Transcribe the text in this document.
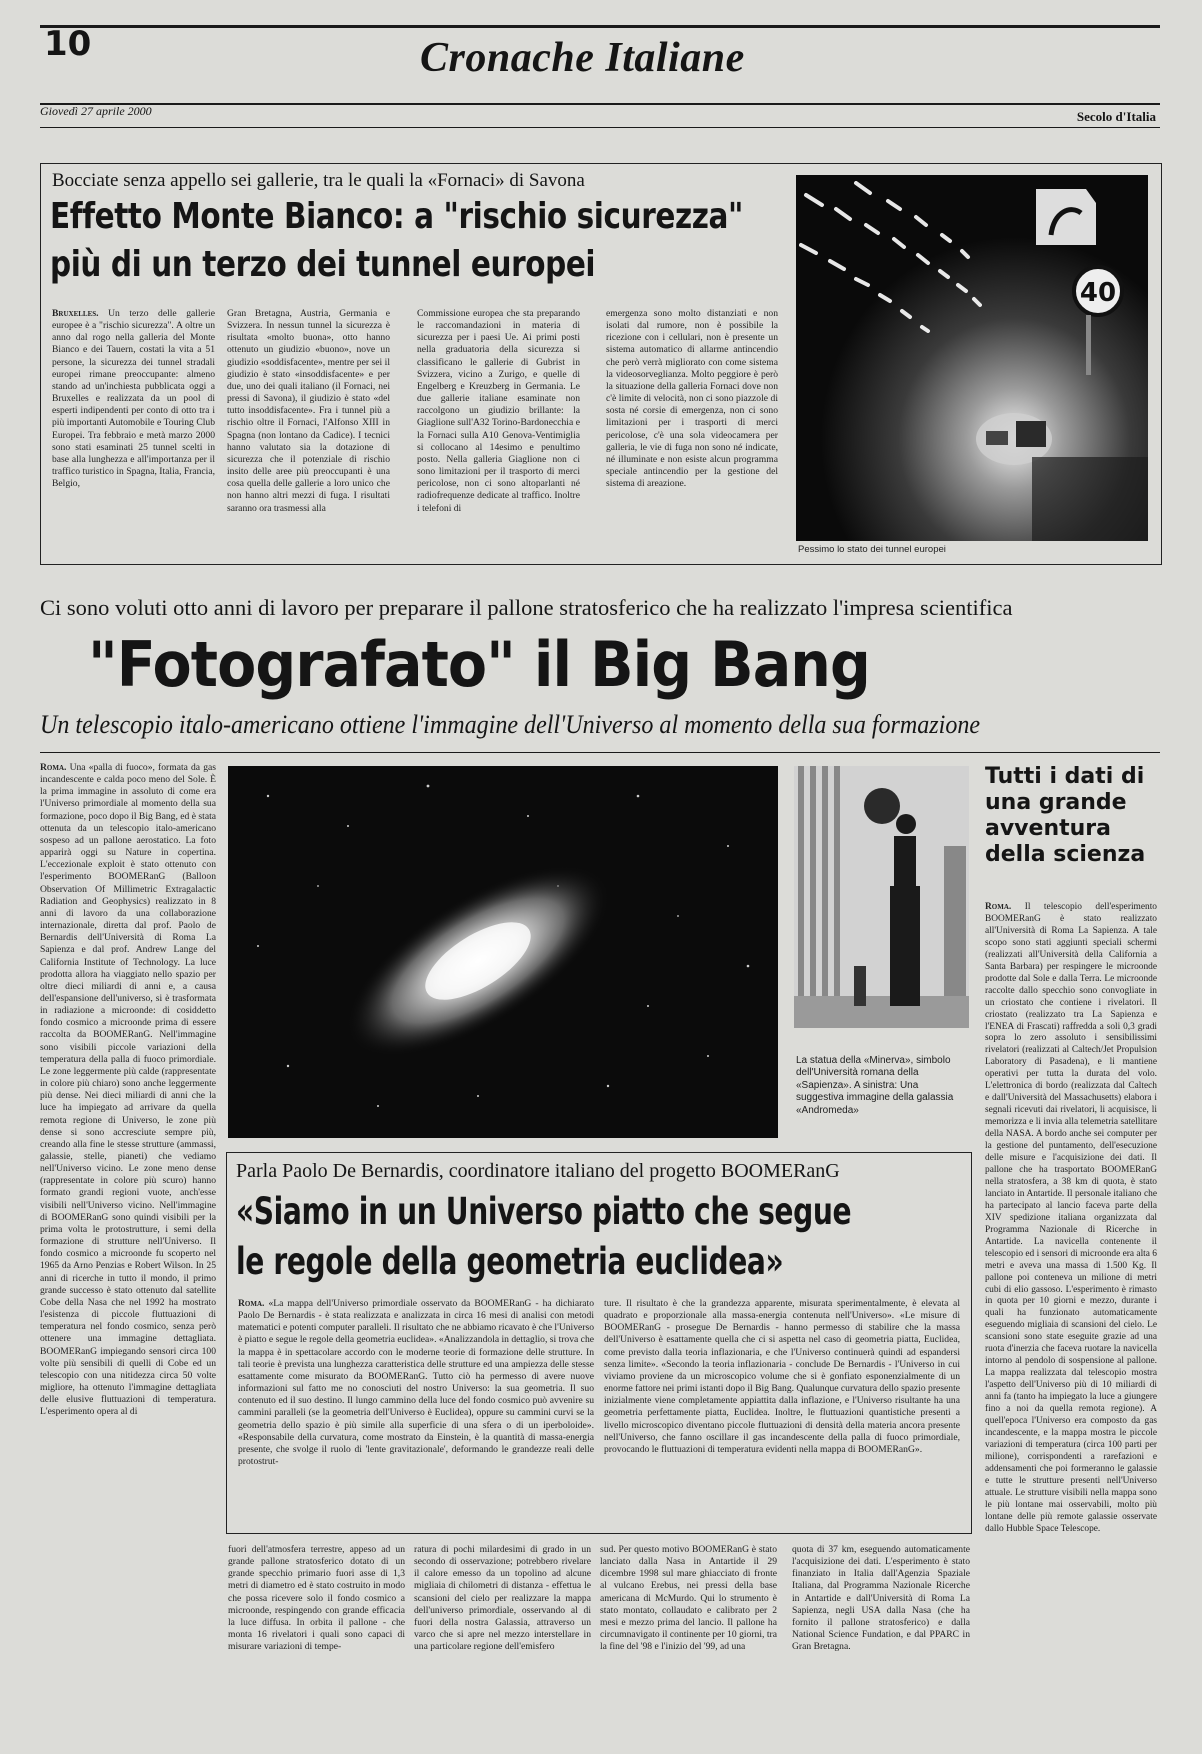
10	Cronache Italiane
Giovedì 27 aprile 2000	Secolo d'Italia
Bocciate senza appello sei gallerie, tra le quali la «Fornaci» di Savona
Effetto Monte Bianco: a "rischio sicurezza"
più di un terzo dei tunnel europei
Bruxelles. Un terzo delle gallerie europee è a "rischio sicurezza". A oltre un anno dal rogo nella galleria del Monte Bianco e dei Tauern, costati la vita a 51 persone, la sicurezza dei tunnel stradali europei rimane preoccupante: almeno stando ad un'inchiesta pubblicata oggi a Bruxelles e realizzata da un pool di esperti indipendenti per conto di otto tra i più importanti Automobile e Touring Club Europei. Tra febbraio e metà marzo 2000 sono stati esaminati 25 tunnel scelti in base alla lunghezza e all'importanza per il traffico turistico in Spagna, Italia, Francia, Belgio,
Gran Bretagna, Austria, Germania e Svizzera. In nessun tunnel la sicurezza è risultata «molto buona», otto hanno ottenuto un giudizio «buono», nove un giudizio «soddisfacente», mentre per sei il giudizio è stato «insoddisfacente» e per due, uno dei quali italiano (il Fornaci, nei pressi di Savona), il giudizio è stato «del tutto insoddisfacente». Fra i tunnel più a rischio oltre il Fornaci, l'Alfonso XIII in Spagna (non lontano da Cadice). I tecnici hanno valutato sia la dotazione di sicurezza che il potenziale di rischio insito delle aree più preoccupanti è una cosa quella delle gallerie a loro unico che non hanno altri mezzi di fuga. I risultati saranno ora trasmessi alla
Commissione europea che sta preparando le raccomandazioni in materia di sicurezza per i paesi Ue. Ai primi posti nella graduatoria della sicurezza si classificano le gallerie di Gubrist in Svizzera, vicino a Zurigo, e quelle di Engelberg e Kreuzberg in Germania. Le due gallerie italiane esaminate non raccolgono un giudizio brillante: la Giaglione sull'A32 Torino-Bardonecchia e la Fornaci sulla A10 Genova-Ventimiglia si collocano al 14esimo e penultimo posto. Nella galleria Giaglione non ci sono limitazioni per il trasporto di merci pericolose, non ci sono altoparlanti né radiofrequenze dedicate al traffico. Inoltre i telefoni di
emergenza sono molto distanziati e non isolati dal rumore, non è possibile la ricezione con i cellulari, non è presente un sistema automatico di allarme antincendio che però verrà migliorato con come sistema la videosorveglianza. Molto peggiore è però la situazione della galleria Fornaci dove non c'è limite di velocità, non ci sono piazzole di sosta né corsie di emergenza, non ci sono limitazioni per i trasporti di merci pericolose, c'è una sola videocamera per galleria, le vie di fuga non sono né indicate, né illuminate e non esiste alcun programma speciale antincendio per la gestione del sistema di areazione.
40
Pessimo lo stato dei tunnel europei
Ci sono voluti otto anni di lavoro per preparare il pallone stratosferico che ha realizzato l'impresa scientifica
"Fotografato" il Big Bang
Un telescopio italo-americano ottiene l'immagine dell'Universo al momento della sua formazione
Roma. Una «palla di fuoco», formata da gas incandescente e calda poco meno del Sole. È la prima immagine in assoluto di come era l'Universo primordiale al momento della sua formazione, poco dopo il Big Bang, ed è stata ottenuta da un telescopio italo-americano sospeso ad un pallone aerostatico. La foto apparirà oggi su Nature in copertina. L'eccezionale exploit è stato ottenuto con l'esperimento BOOMERanG (Balloon Observation Of Millimetric Extragalactic Radiation and Geophysics) realizzato in 8 anni di lavoro da una collaborazione internazionale, diretta dal prof. Paolo de Bernardis dell'Università di Roma La Sapienza e dal prof. Andrew Lange del California Institute of Technology. La luce prodotta allora ha viaggiato nello spazio per oltre dieci miliardi di anni e, a causa dell'espansione dell'universo, si è trasformata in radiazione a microonde: di cosiddetto fondo cosmico a microonde prima di essere raccolta da BOOMERanG. Nell'immagine sono visibili piccole variazioni della temperatura della palla di fuoco primordiale. Le zone leggermente più calde (rappresentate in colore più chiaro) sono anche leggermente più dense. Nei dieci miliardi di anni che la luce ha impiegato ad arrivare da quella remota regione di Universo, le zone più dense si sono accresciute sempre più, creando alla fine le stesse strutture (ammassi, galassie, stelle, pianeti) che vediamo nell'Universo vicino. Le zone meno dense (rappresentate in colore più scuro) hanno formato grandi regioni vuote, anch'esse visibili nell'Universo vicino. Nell'immagine di BOOMERanG sono quindi visibili per la prima volta le protostrutture, i semi della formazione di strutture nell'Universo. Il fondo cosmico a microonde fu scoperto nel 1965 da Arno Penzias e Robert Wilson. In 25 anni di ricerche in tutto il mondo, il primo grande successo è stato ottenuto dal satellite Cobe della Nasa che nel 1992 ha mostrato l'esistenza di piccole fluttuazioni di temperatura nel fondo cosmico, senza però ottenere una immagine dettagliata. BOOMERanG impiegando sensori circa 100 volte più sensibili di quelli di Cobe ed un telescopio con una nitidezza circa 50 volte migliore, ha ottenuto l'immagine dettagliata delle elusive fluttuazioni di temperatura. L'esperimento opera al di
La statua della «Minerva», simbolo dell'Università romana della «Sapienza». A sinistra: Una suggestiva immagine della galassia «Andromeda»
Tutti i dati di una grande avventura della scienza
Roma. Il telescopio dell'esperimento BOOMERanG è stato realizzato all'Università di Roma La Sapienza. A tale scopo sono stati aggiunti speciali schermi (realizzati all'Università della California a Santa Barbara) per respingere le microonde prodotte dal Sole e dalla Terra. Le microonde raccolte dallo specchio sono convogliate in un criostato che contiene i rivelatori. Il criostato (realizzato tra La Sapienza e l'ENEA di Frascati) raffredda a soli 0,3 gradi sopra lo zero assoluto i sensibilissimi rivelatori (realizzati al Caltech/Jet Propulsion Laboratory di Pasadena), e li mantiene operativi per tutta la durata del volo. L'elettronica di bordo (realizzata dal Caltech e dall'Università del Massachusetts) elabora i segnali ricevuti dai rivelatori, li acquisisce, li memorizza e li invia alla telemetria satellitare della NASA. A bordo anche sei computer per la gestione del puntamento, dell'esecuzione delle misure e l'acquisizione dei dati. Il pallone che ha trasportato BOOMERanG nella stratosfera, a 38 km di quota, è stato lanciato in Antartide. Il personale italiano che ha partecipato al lancio faceva parte della XIV spedizione italiana organizzata dal Programma Nazionale di Ricerche in Antartide. La navicella contenente il telescopio ed i sensori di microonde era alta 6 metri e aveva una massa di 1.500 Kg. Il pallone poi conteneva un milione di metri cubi di elio gassoso. L'esperimento è rimasto in quota per 10 giorni e mezzo, durante i quali ha funzionato automaticamente eseguendo migliaia di scansioni del cielo. Le scansioni sono state eseguite grazie ad una ruota d'inerzia che faceva ruotare la navicella intorno al pendolo di sospensione al pallone. La mappa realizzata dal telescopio mostra l'aspetto dell'Universo più di 10 miliardi di anni fa (tanto ha impiegato la luce a giungere fino a noi da quella remota regione). A quell'epoca l'Universo era composto da gas incandescente, e la mappa mostra le piccole variazioni di temperatura (circa 100 parti per milione), corrispondenti a rarefazioni e addensamenti che poi formeranno le galassie e tutte le strutture presenti nell'Universo attuale. Le strutture visibili nella mappa sono le più lontane mai osservabili, molto più lontane delle più remote galassie osservate dallo Hubble Space Telescope.
Parla Paolo De Bernardis, coordinatore italiano del progetto BOOMERanG
«Siamo in un Universo piatto che segue
le regole della geometria euclidea»
Roma. «La mappa dell'Universo primordiale osservato da BOOMERanG - ha dichiarato Paolo De Bernardis - è stata realizzata e analizzata in circa 16 mesi di analisi con metodi matematici e potenti computer paralleli. Il risultato che ne abbiamo ricavato è che l'Universo è piatto e segue le regole della geometria euclidea». «Analizzandola in dettaglio, si trova che la mappa è in spettacolare accordo con le moderne teorie di formazione delle strutture. In tali teorie è prevista una lunghezza caratteristica delle strutture ed una ampiezza delle stesse esattamente come misurato da BOOMERanG. Tutto ciò ha permesso di avere nuove informazioni sul fatto me no conosciuti del nostro Universo: la sua geometria. Il suo contenuto ed il suo destino. Il lungo cammino della luce del fondo cosmico può avvenire su cammini paralleli (se la geometria dell'Universo è Euclidea), oppure su cammini curvi se la geometria dello spazio è più simile alla superficie di una sfera o di un iperboloide». «Responsabile della curvatura, come mostrato da Einstein, è la quantità di massa-energia presente, che svolge il ruolo di 'lente gravitazionale', deformando le grandezze reali delle protostrut-
ture. Il risultato è che la grandezza apparente, misurata sperimentalmente, è elevata al quadrato e proporzionale alla massa-energia contenuta nell'Universo». «Le misure di BOOMERanG - prosegue De Bernardis - hanno permesso di stabilire che la massa dell'Universo è esattamente quella che ci si aspetta nel caso di geometria piatta, Euclidea, come previsto dalla teoria inflazionaria, e che l'Universo continuerà quindi ad espandersi senza limite». «Secondo la teoria inflazionaria - conclude De Bernardis - l'Universo in cui viviamo proviene da un microscopico volume che si è gonfiato esponenzialmente di un enorme fattore nei primi istanti dopo il Big Bang. Qualunque curvatura dello spazio presente inizialmente viene completamente appiattita dalla inflazione, e l'Universo risultante ha una geometria perfettamente piatta, Euclidea. Inoltre, le fluttuazioni quantistiche presenti a livello microscopico diventano piccole fluttuazioni di densità della materia ancora presente nell'Universo, che fanno oscillare il gas incandescente della palla di fuoco primordiale, provocando le fluttuazioni di temperatura evidenti nella mappa di BOOMERanG».
fuori dell'atmosfera terrestre, appeso ad un grande pallone stratosferico dotato di un grande specchio primario fuori asse di 1,3 metri di diametro ed è stato costruito in modo che possa ricevere solo il fondo cosmico a microonde, respingendo con grande efficacia la luce diffusa. In orbita il pallone - che monta 16 rivelatori i quali sono capaci di misurare variazioni di tempe-
ratura di pochi milardesimi di grado in un secondo di osservazione; potrebbero rivelare il calore emesso da un topolino ad alcune migliaia di chilometri di distanza - effettua le scansioni del cielo per realizzare la mappa dell'universo primordiale, osservando al di fuori della nostra Galassia, attraverso un varco che si apre nel mezzo interstellare in una particolare regione dell'emisfero
sud. Per questo motivo BOOMERanG è stato lanciato dalla Nasa in Antartide il 29 dicembre 1998 sul mare ghiacciato di fronte al vulcano Erebus, nei pressi della base americana di McMurdo. Qui lo strumento è stato montato, collaudato e calibrato per 2 mesi e mezzo prima del lancio. Il pallone ha circumnavigato il continente per 10 giorni, tra la fine del '98 e l'inizio del '99, ad una
quota di 37 km, eseguendo automaticamente l'acquisizione dei dati. L'esperimento è stato finanziato in Italia dall'Agenzia Spaziale Italiana, dal Programma Nazionale Ricerche in Antartide e dall'Università di Roma La Sapienza, negli USA dalla Nasa (che ha fornito il pallone stratosferico) e dalla National Science Fundation, e dal PPARC in Gran Bretagna.
